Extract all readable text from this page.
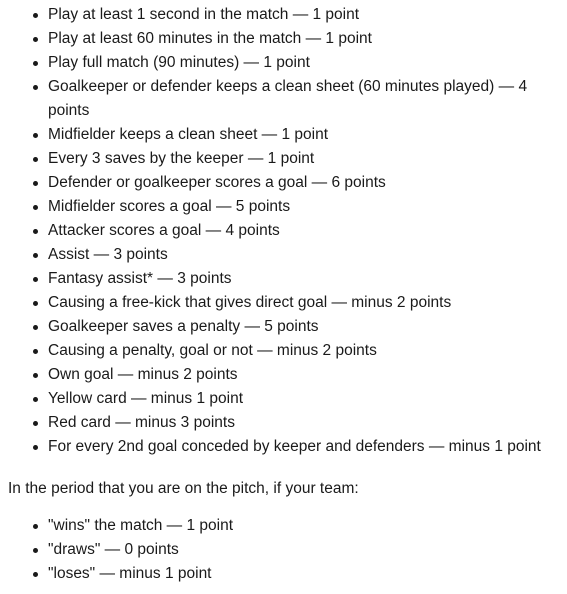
Play at least 1 second in the match — 1 point
Play at least 60 minutes in the match — 1 point
Play full match (90 minutes) — 1 point
Goalkeeper or defender keeps a clean sheet (60 minutes played) — 4 points
Midfielder keeps a clean sheet — 1 point
Every 3 saves by the keeper — 1 point
Defender or goalkeeper scores a goal — 6 points
Midfielder scores a goal — 5 points
Attacker scores a goal — 4 points
Assist — 3 points
Fantasy assist* — 3 points
Causing a free-kick that gives direct goal — minus 2 points
Goalkeeper saves a penalty — 5 points
Causing a penalty, goal or not — minus 2 points
Own goal — minus 2 points
Yellow card — minus 1 point
Red card — minus 3 points
For every 2nd goal conceded by keeper and defenders — minus 1 point

In the period that you are on the pitch, if your team:

"wins" the match — 1 point
"draws" — 0 points
"loses" — minus 1 point
